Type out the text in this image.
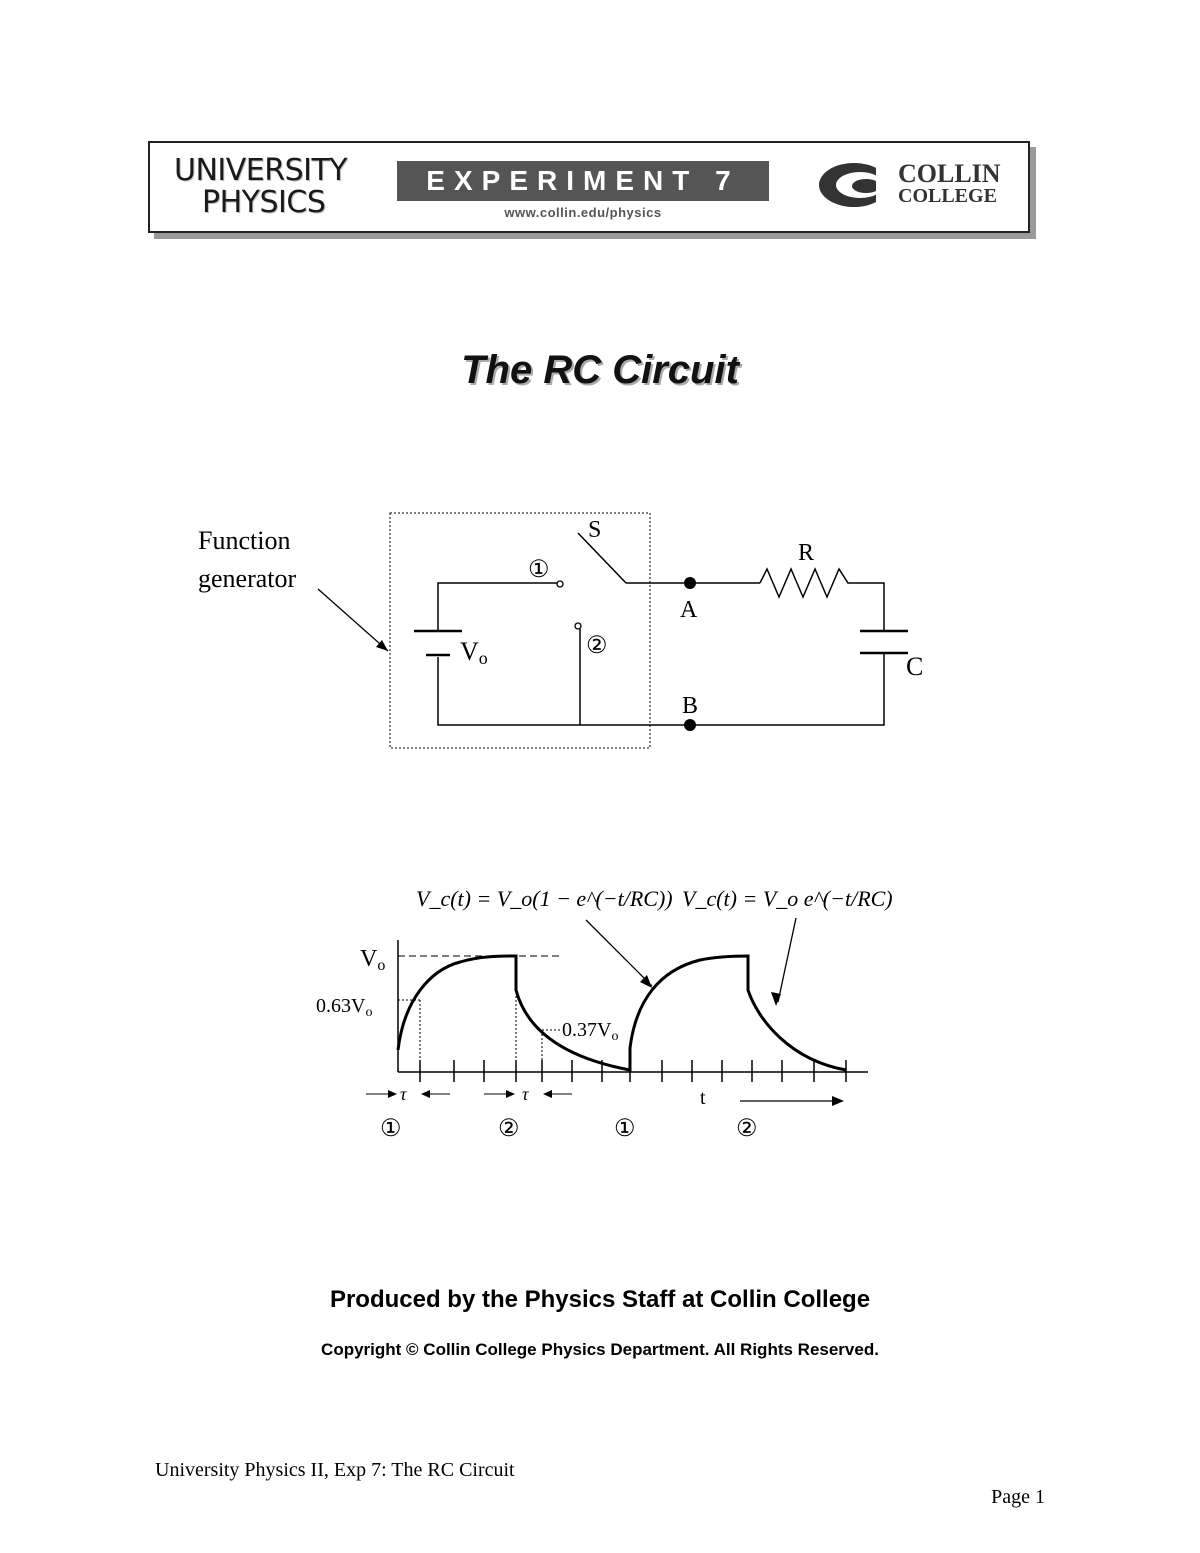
UNIVERSITY
PHYSICS
EXPERIMENT 7
www.collin.edu/physics
COLLIN
COLLEGE
The RC Circuit
Function
generator
Vo
①
②
S
A
R
C
B
V_c(t) = V_o(1 − e^(−t/RC)) V_c(t) = V_o e^(−t/RC)
Vo
$0.63V_o$
$0.37V_o$
τ	τ	t
①	②	①	②
Produced by the Physics Staff at Collin College
Copyright © Collin College Physics Department. All Rights Reserved.
University Physics II, Exp 7: The RC Circuit
Page 1
